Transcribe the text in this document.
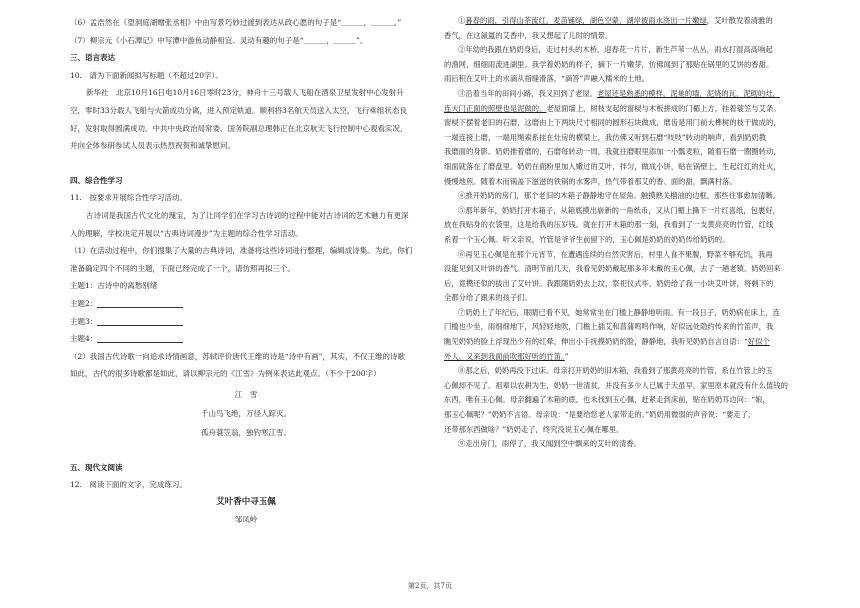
（6）孟浩然在《望洞庭湖赠张丞相》中由写景巧妙过渡到表达从政心愿的句子是“＿＿＿，＿＿＿。”
（7）柳宗元《小石潭记》中写潭中游鱼动静相宜、灵动有趣的句子是“＿＿＿，＿＿＿”。
三、语言表达
10.　请为下面新闻拟写标题（不超过20字）。
新华社　北京10月16日电10月16日零时23分，神舟十三号载人飞船在酒泉卫星发射中心发射升
空，零时33分载人飞船与火箭成功分离，进入预定轨道。顺利将3名航天员送入太空，飞行乘组状态良
好，发射取得圆满成功。中共中央政治局常委、国务院副总理韩正在北京航天飞行控制中心观看实况，
并向全体参研参试人员表示热烈祝贺和诚挚慰问。
四、综合性学习
11.　按要求开展综合性学习活动。
古诗词是我国古代文化的瑰宝，为了让同学们在学习古诗词的过程中能对古诗词的艺术魅力有更深
入的理解，学校决定开展以“古典诗词漫步”为主题的综合性学习活动。
（1）在活动过程中，你们搜集了大量的古典诗词，准备将这些诗词进行整理，编辑成诗集。为此，你们
准备确定四个不同的主题，下面已经完成了一个，请仿照再拟三个。
主题1：古诗中的离愁别绪
主题2：
主题3：
主题4：
（2）我国古代诗歌一向追求诗情画意，苏轼评价唐代王维的诗是“诗中有画”，其实，不仅王维的诗歌
如此，古代的很多诗歌都是如此，请以柳宗元的《江雪》为例来表达此观点。（不少于200字）
江　雪
千山鸟飞绝，万径人踪灭。
孤舟蓑笠翁，独钓寒江雪。
五、现代文阅读
12.　阅读下面的文字，完成练习。
艾叶香中寻玉佩
邹凤岭
①暮春的雨，引得山茶流红，麦苗铺绿，湖色空蒙，湖岸被雨水浇出一片嫩绿，艾叶散发着清雅的
香气，在这氤氲的艾香中，我又想起了儿时的情景。
②年幼的我跟在奶奶身后，走过村头的木桥，迎春花一片片，新生芦苇一丛丛，雨水打湿高高响起
的渔网，细细雨流进湖里。我学着奶奶的样子，摘下一片嫩芽，仿佛闻到了那贴在锅里的艾饼的香甜。
雨后积在艾叶上的水滴从指缝滑落，“滴答”声融入糯米的土地。
③沿着当年的田间小路，我又回到了老屋。老屋还是熟悉的模样，泥巢的墙，泥烧的瓦，泥砌的灶，
连大门正面的照壁也是泥做的。老屋面墙上，树枝支起的窗棂与木板拼成的门楣上方，挂着蓑笠与艾条。
窗棂下摆着老旧的石磨，这磨由上下两块尺寸相同的圆形石块做成，磨齿是用门前大榫树的枝干做成的，
一端连接上磨，一端用绳索系挂在灶房的横梁上，我仿佛又听到石磨“吱吱”转动的响声，看到奶奶教
我磨面的身影。奶奶推着磨的，石磨每转动一周，我就往磨眼里添加一小瓢麦粒，随着石磨一圈圈转动，
细面就落在了磨盘里。奶奶在面粉里加入嫩过的艾叶，拌匀，做成小饼，贴在锅壁上，生起红红的灶火，
慢慢地煎。随着木而锅盖下滋滋的铁锅的水雾声，热气带着那艾的香、面的甜，飘满村落。
④推开奶奶的房门，那个老旧的木箱子静静地守在屋角。触摸熟关榴油的边框，那些往事愈加清晰。
⑤那年新年，奶奶打开木箱子，从箱底摸出崭新的一角纸币，又从门楣上撕下一片红喜纸，包裹好，
放在我贴身的衣袋里，这是给我的压岁钱。就在打开木箱的那一刻，我看到了一支黄亮亮的竹管，红线
系着一个玉心佩。听父亲说，竹管是爷爷生前留下的，玉心佩是奶奶的奶奶传给奶奶的。
⑥再见玉心佩是在那个元宵节，在遭遇连续的自然灾害后，村里人食不果腹，野菜不够充饥，我再
没能见到又叶饼的香气。清明节前几天，我看见奶奶戴起那多年未戴的玉心佩，去了一趟老镇。奶奶回来
后，竟攒还似的拔出了艾叶饼。我跟随奶奶去上坟，祭祀仪式毕，奶奶给了我一小块艾叶饼，将剩下的
全都分给了跟来的孩子们。
⑦奶奶上了年纪后，眼睛已看不见，她常常坐在门槛上静静地听雨。有一段日子，奶奶病在床上，连
门槛也少坐，雨细细地下，风轻轻地吹，门檐上插艾和菖蒲鸣鸣作响，好似远处隐约传来的竹笛声，我
瞧见奶奶的脸上浮现出少有的红晕，伸出小手抚摸奶奶的脸，静静地，我听见奶奶自言自语：“好似个
外人，又来到我面前吹那好听的竹笛。”
⑧那之后，奶奶再没下过床。母亲打开奶奶的旧木箱，我看到了那黄亮亮的竹管，系在竹管上的玉
心佩却不见了。祖辈以农耕为生，奶奶一世清贫，并没有多少人已属于天虽早，家里原本就没有什么值钱的
东西，唯有玉心佩。母亲翻遍了木箱的底，也未找到玉心佩，赶紧走到床前，贴在奶奶耳边问：“娘，
那玉心佩呢？”奶奶不言语。母亲说：“是要给您老人家带走的。”奶奶用微弱的声音说：“要走了，
还带那东西做啥？”奶奶走了，终究没说玉心佩在哪里。
⑨走出房门，雨停了，我又闻到空中飘来的艾叶的清香。
第2页，共7页
